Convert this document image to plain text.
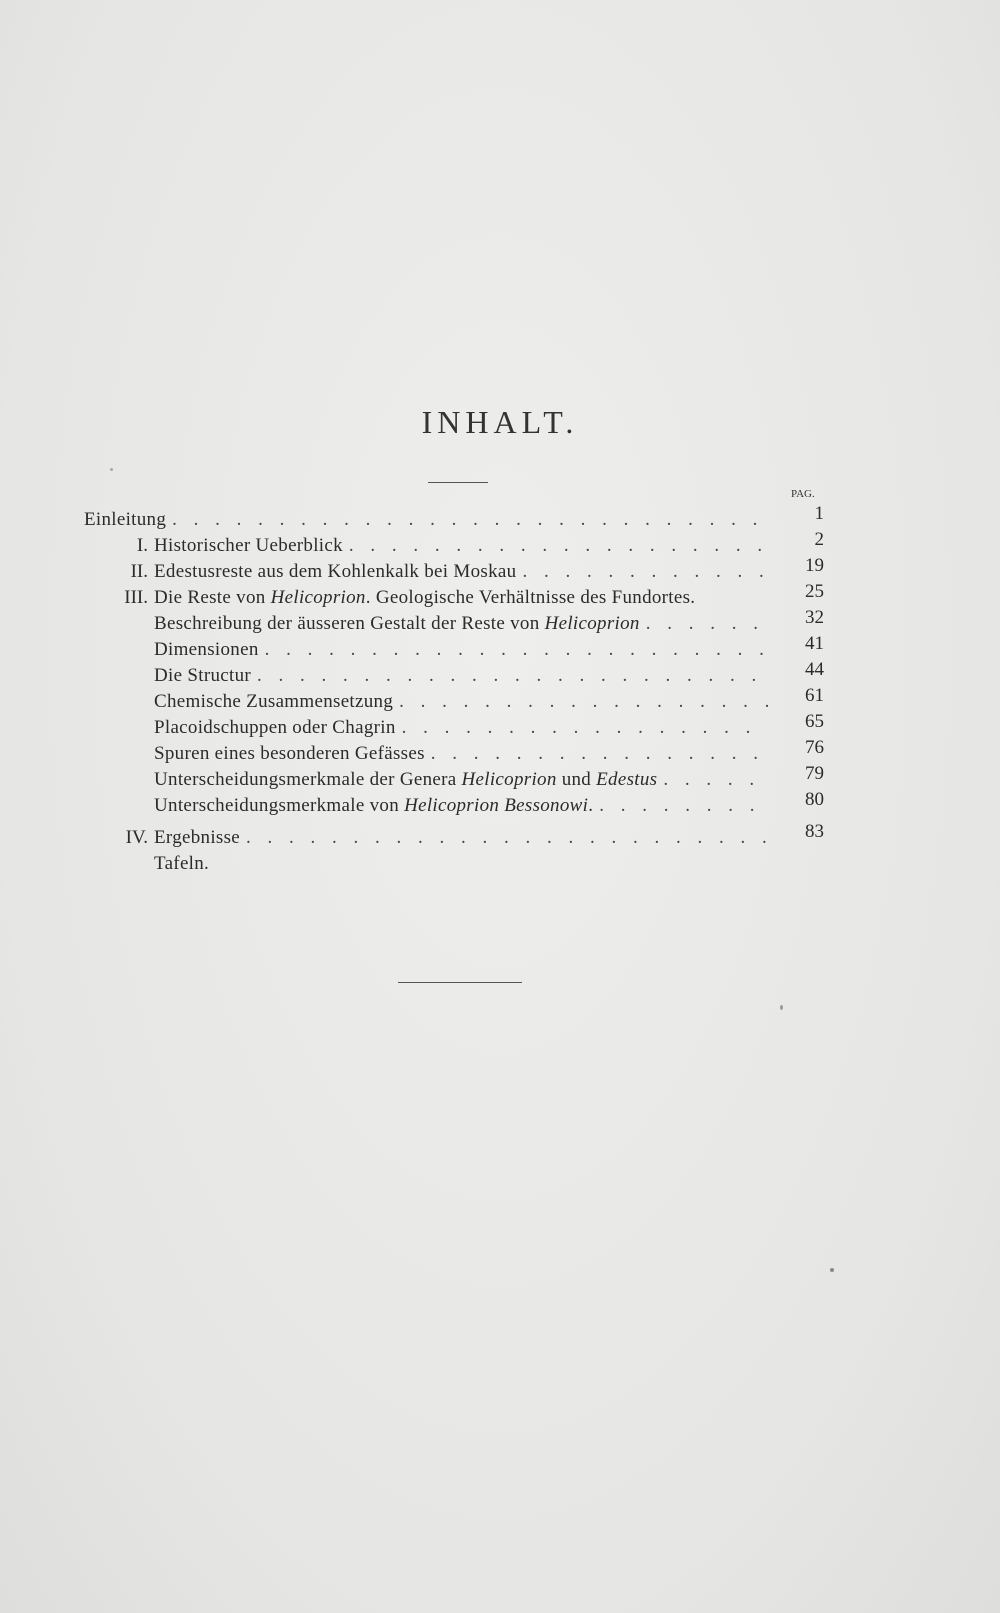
INHALT.
PAG.
Einleitung . . .	1
I. Historischer Ueberblick . . .	2
II. Edestusreste aus dem Kohlenkalk bei Moskau . . .	19
III. Die Reste von Helicoprion. Geologische Verhältnisse des Fundortes.	25
Beschreibung der äusseren Gestalt der Reste von Helicoprion . . .	32
Dimensionen . . .	41
Die Structur . . .	44
Chemische Zusammensetzung . . .	61
Placoidschuppen oder Chagrin . . .	65
Spuren eines besonderen Gefässes . . .	76
Unterscheidungsmerkmale der Genera Helicoprion und Edestus . . .	79
Unterscheidungsmerkmale von Helicoprion Bessonowi. . . .	80
IV. Ergebnisse . . .	83
Tafeln.
